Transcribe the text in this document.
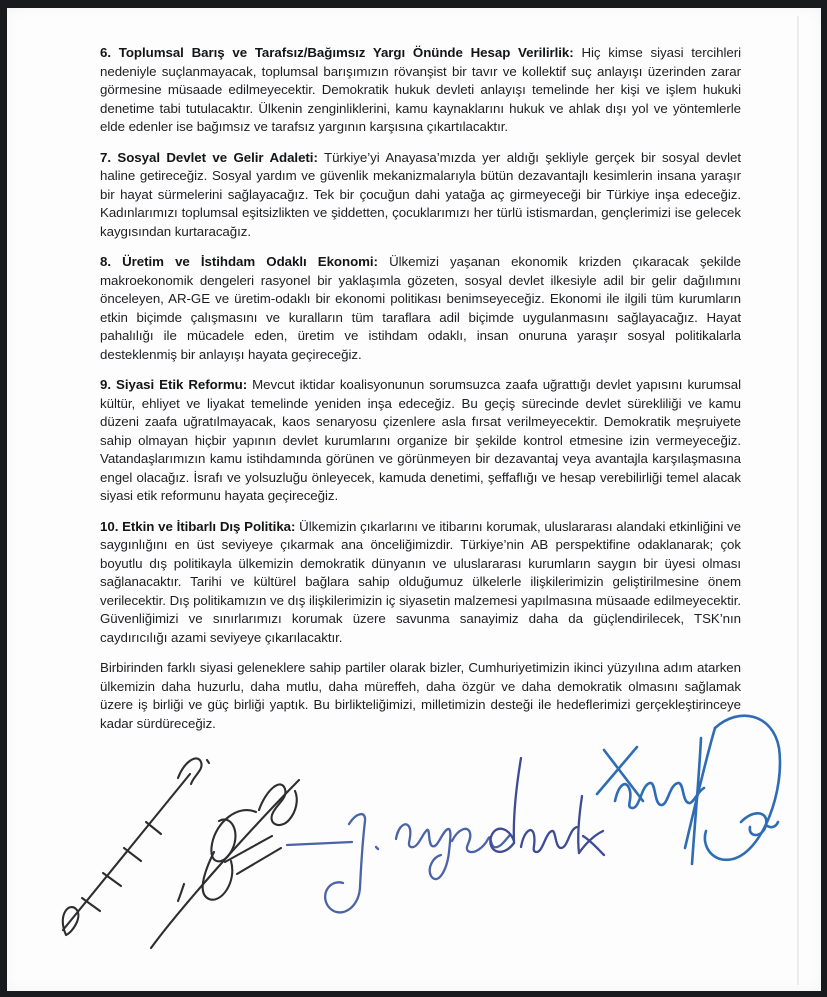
6. Toplumsal Barış ve Tarafsız/Bağımsız Yargı Önünde Hesap Verilirlik: Hiç kimse siyasi tercihleri nedeniyle suçlanmayacak, toplumsal barışımızın rövanşist bir tavır ve kollektif suç anlayışı üzerinden zarar görmesine müsaade edilmeyecektir. Demokratik hukuk devleti anlayışı temelinde her kişi ve işlem hukuki denetime tabi tutulacaktır. Ülkenin zenginliklerini, kamu kaynaklarını hukuk ve ahlak dışı yol ve yöntemlerle elde edenler ise bağımsız ve tarafsız yargının karşısına çıkartılacaktır.

7. Sosyal Devlet ve Gelir Adaleti: Türkiye’yi Anayasa’mızda yer aldığı şekliyle gerçek bir sosyal devlet haline getireceğiz. Sosyal yardım ve güvenlik mekanizmalarıyla bütün dezavantajlı kesimlerin insana yaraşır bir hayat sürmelerini sağlayacağız. Tek bir çocuğun dahi yatağa aç girmeyeceği bir Türkiye inşa edeceğiz. Kadınlarımızı toplumsal eşitsizlikten ve şiddetten, çocuklarımızı her türlü istismardan, gençlerimizi ise gelecek kaygısından kurtaracağız.

8. Üretim ve İstihdam Odaklı Ekonomi: Ülkemizi yaşanan ekonomik krizden çıkaracak şekilde makroekonomik dengeleri rasyonel bir yaklaşımla gözeten, sosyal devlet ilkesiyle adil bir gelir dağılımını önceleyen, AR-GE ve üretim-odaklı bir ekonomi politikası benimseyeceğiz. Ekonomi ile ilgili tüm kurumların etkin biçimde çalışmasını ve kuralların tüm taraflara adil biçimde uygulanmasını sağlayacağız. Hayat pahalılığı ile mücadele eden, üretim ve istihdam odaklı, insan onuruna yaraşır sosyal politikalarla desteklenmiş bir anlayışı hayata geçireceğiz.

9. Siyasi Etik Reformu: Mevcut iktidar koalisyonunun sorumsuzca zaafa uğrattığı devlet yapısını kurumsal kültür, ehliyet ve liyakat temelinde yeniden inşa edeceğiz. Bu geçiş sürecinde devlet sürekliliği ve kamu düzeni zaafa uğratılmayacak, kaos senaryosu çizenlere asla fırsat verilmeyecektir. Demokratik meşruiyete sahip olmayan hiçbir yapının devlet kurumlarını organize bir şekilde kontrol etmesine izin vermeyeceğiz. Vatandaşlarımızın kamu istihdamında görünen ve görünmeyen bir dezavantaj veya avantajla karşılaşmasına engel olacağız. İsrafı ve yolsuzluğu önleyecek, kamuda denetimi, şeffaflığı ve hesap verebilirliği temel alacak siyasi etik reformunu hayata geçireceğiz.

10. Etkin ve İtibarlı Dış Politika: Ülkemizin çıkarlarını ve itibarını korumak, uluslararası alandaki etkinliğini ve saygınlığını en üst seviyeye çıkarmak ana önceliğimizdir. Türkiye’nin AB perspektifine odaklanarak; çok boyutlu dış politikayla ülkemizin demokratik dünyanın ve uluslararası kurumların saygın bir üyesi olması sağlanacaktır. Tarihi ve kültürel bağlara sahip olduğumuz ülkelerle ilişkilerimizin geliştirilmesine önem verilecektir. Dış politikamızın ve dış ilişkilerimizin iç siyasetin malzemesi yapılmasına müsaade edilmeyecektir. Güvenliğimizi ve sınırlarımızı korumak üzere savunma sanayimiz daha da güçlendirilecek, TSK’nın caydırıcılığı azami seviyeye çıkarılacaktır.

Birbirinden farklı siyasi geleneklere sahip partiler olarak bizler, Cumhuriyetimizin ikinci yüzyılına adım atarken ülkemizin daha huzurlu, daha mutlu, daha müreffeh, daha özgür ve daha demokratik olmasını sağlamak üzere iş birliği ve güç birliği yaptık. Bu birlikteliğimizi, milletimizin desteği ile hedeflerimizi gerçekleştirinceye kadar sürdüreceğiz.
